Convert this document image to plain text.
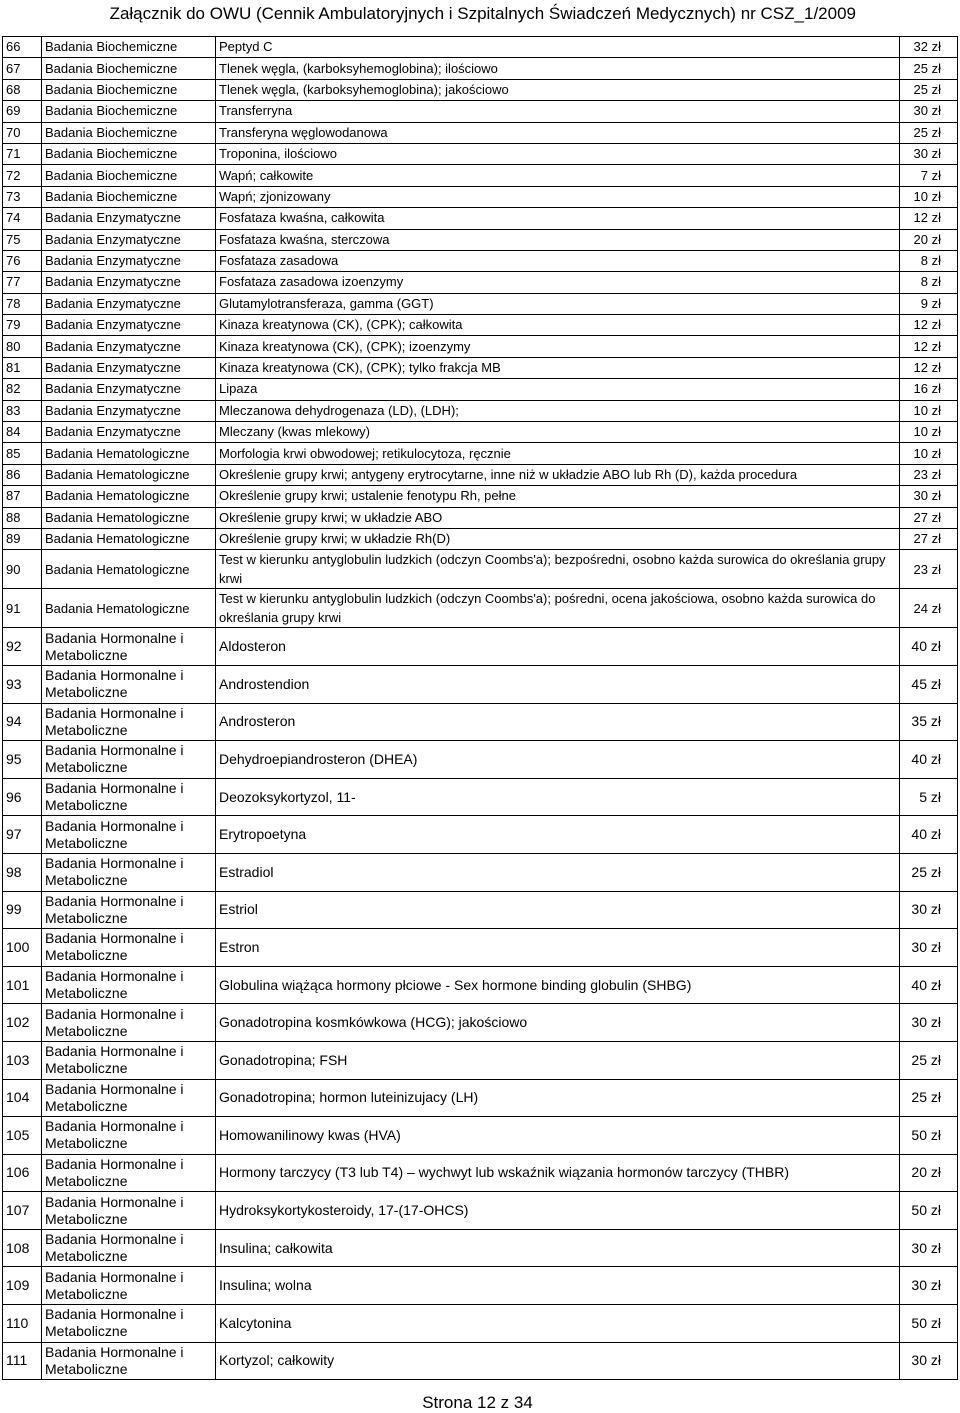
Załącznik do OWU (Cennik Ambulatoryjnych i Szpitalnych Świadczeń Medycznych) nr CSZ_1/2009
66	Badania Biochemiczne	Peptyd C	32 zł
67	Badania Biochemiczne	Tlenek węgla, (karboksyhemoglobina); ilościowo	25 zł
68	Badania Biochemiczne	Tlenek węgla, (karboksyhemoglobina); jakościowo	25 zł
69	Badania Biochemiczne	Transferryna	30 zł
70	Badania Biochemiczne	Transferyna węglowodanowa	25 zł
71	Badania Biochemiczne	Troponina, ilościowo	30 zł
72	Badania Biochemiczne	Wapń; całkowite	7 zł
73	Badania Biochemiczne	Wapń; zjonizowany	10 zł
74	Badania Enzymatyczne	Fosfataza kwaśna, całkowita	12 zł
75	Badania Enzymatyczne	Fosfataza kwaśna, sterczowa	20 zł
76	Badania Enzymatyczne	Fosfataza zasadowa	8 zł
77	Badania Enzymatyczne	Fosfataza zasadowa izoenzymy	8 zł
78	Badania Enzymatyczne	Glutamylotransferaza, gamma (GGT)	9 zł
79	Badania Enzymatyczne	Kinaza kreatynowa (CK), (CPK); całkowita	12 zł
80	Badania Enzymatyczne	Kinaza kreatynowa (CK), (CPK); izoenzymy	12 zł
81	Badania Enzymatyczne	Kinaza kreatynowa (CK), (CPK); tylko frakcja MB	12 zł
82	Badania Enzymatyczne	Lipaza	16 zł
83	Badania Enzymatyczne	Mleczanowa dehydrogenaza (LD), (LDH);	10 zł
84	Badania Enzymatyczne	Mleczany (kwas mlekowy)	10 zł
85	Badania Hematologiczne	Morfologia krwi obwodowej; retikulocytoza, ręcznie	10 zł
86	Badania Hematologiczne	Określenie grupy krwi; antygeny erytrocytarne, inne niż w układzie ABO lub Rh (D), każda procedura	23 zł
87	Badania Hematologiczne	Określenie grupy krwi; ustalenie fenotypu Rh, pełne	30 zł
88	Badania Hematologiczne	Określenie grupy krwi; w układzie ABO	27 zł
89	Badania Hematologiczne	Określenie grupy krwi; w układzie Rh(D)	27 zł
90	Badania Hematologiczne	Test w kierunku antyglobulin ludzkich (odczyn Coombs'a); bezpośredni, osobno każda surowica do określania grupy krwi	23 zł
91	Badania Hematologiczne	Test w kierunku antyglobulin ludzkich (odczyn Coombs'a); pośredni, ocena jakościowa, osobno każda surowica do określania grupy krwi	24 zł
92	Badania Hormonalne i Metaboliczne	Aldosteron	40 zł
93	Badania Hormonalne i Metaboliczne	Androstendion	45 zł
94	Badania Hormonalne i Metaboliczne	Androsteron	35 zł
95	Badania Hormonalne i Metaboliczne	Dehydroepiandrosteron (DHEA)	40 zł
96	Badania Hormonalne i Metaboliczne	Deozoksykortyzol, 11-	5 zł
97	Badania Hormonalne i Metaboliczne	Erytropoetyna	40 zł
98	Badania Hormonalne i Metaboliczne	Estradiol	25 zł
99	Badania Hormonalne i Metaboliczne	Estriol	30 zł
100	Badania Hormonalne i Metaboliczne	Estron	30 zł
101	Badania Hormonalne i Metaboliczne	Globulina wiążąca hormony płciowe - Sex hormone binding globulin (SHBG)	40 zł
102	Badania Hormonalne i Metaboliczne	Gonadotropina kosmkówkowa (HCG); jakościowo	30 zł
103	Badania Hormonalne i Metaboliczne	Gonadotropina; FSH	25 zł
104	Badania Hormonalne i Metaboliczne	Gonadotropina; hormon luteinizujacy (LH)	25 zł
105	Badania Hormonalne i Metaboliczne	Homowanilinowy kwas (HVA)	50 zł
106	Badania Hormonalne i Metaboliczne	Hormony tarczycy (T3 lub T4) – wychwyt lub wskaźnik wiązania hormonów tarczycy (THBR)	20 zł
107	Badania Hormonalne i Metaboliczne	Hydroksykortykosteroidy, 17-(17-OHCS)	50 zł
108	Badania Hormonalne i Metaboliczne	Insulina; całkowita	30 zł
109	Badania Hormonalne i Metaboliczne	Insulina; wolna	30 zł
110	Badania Hormonalne i Metaboliczne	Kalcytonina	50 zł
111	Badania Hormonalne i Metaboliczne	Kortyzol; całkowity	30 zł
Strona 12 z 34
